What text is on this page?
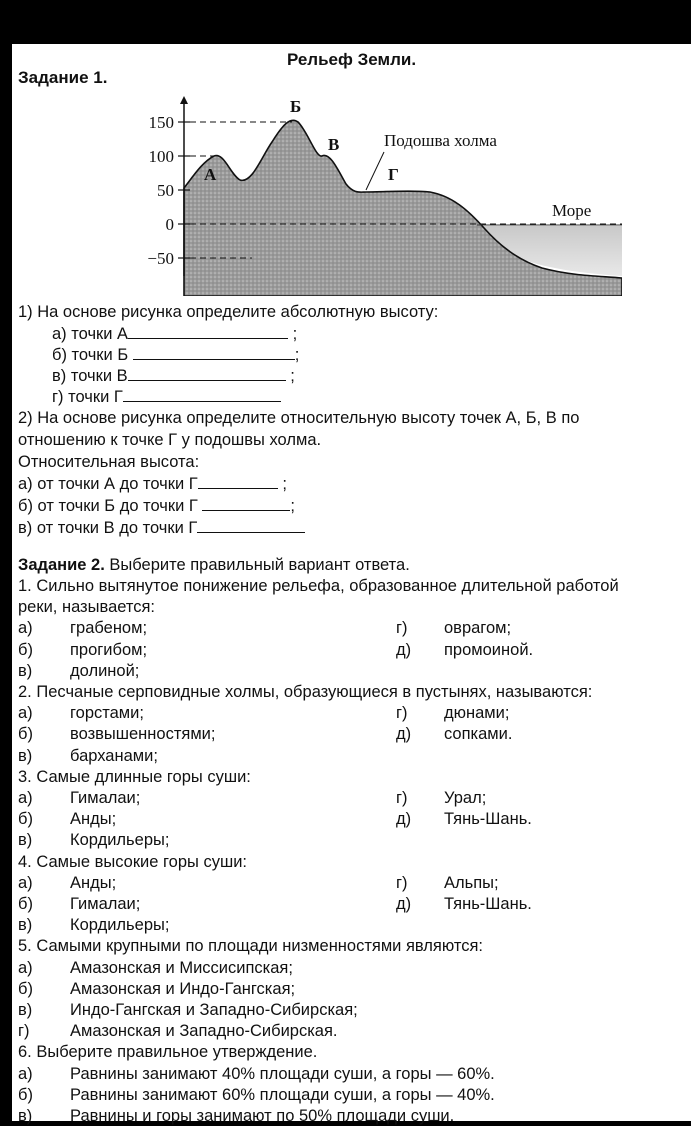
Рельеф Земли.
Задание 1.
150
100
50
0
−50
А
Б
В
Г
Подошва холма
Море
1) На основе рисунка определите абсолютную высоту:
а) точки А	;
б) точки Б	;
в) точки В	;
г) точки Г
2) На основе рисунка определите относительную высоту точек А, Б, В по
отношению к точке Г у подошвы холма.
Относительная высота:
а) от точки А до точки Г	;
б) от точки Б до точки Г	;
в) от точки В до точки Г
Задание 2. Выберите правильный вариант ответа.
1. Сильно вытянутое понижение рельефа, образованное длительной работой
реки, называется:
а) грабеном;	г) оврагом;
б) прогибом;	д) промоиной.
в) долиной;
2. Песчаные серповидные холмы, образующиеся в пустынях, называются:
а) горстами;	г) дюнами;
б) возвышенностями;	д) сопками.
в) барханами;
3. Самые длинные горы суши:
а) Гималаи;	г) Урал;
б) Анды;	д) Тянь-Шань.
в) Кордильеры;
4. Самые высокие горы суши:
а) Анды;	г) Альпы;
б) Гималаи;	д) Тянь-Шань.
в) Кордильеры;
5. Самыми крупными по площади низменностями являются:
а) Амазонская и Миссисипская;
б) Амазонская и Индо-Гангская;
в) Индо-Гангская и Западно-Сибирская;
г) Амазонская и Западно-Сибирская.
6. Выберите правильное утверждение.
а) Равнины занимают 40% площади суши, а горы — 60%.
б) Равнины занимают 60% площади суши, а горы — 40%.
в) Равнины и горы занимают по 50% площади суши.
